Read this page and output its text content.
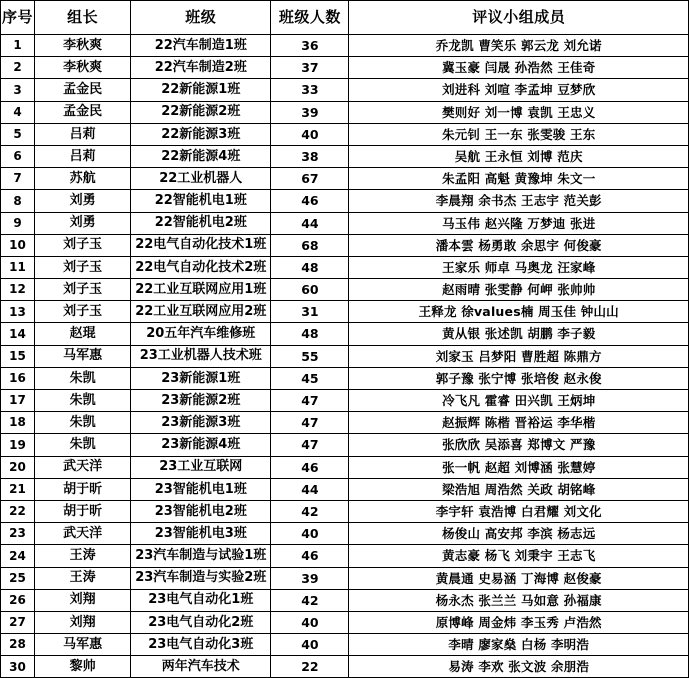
序号	组长	班级	班级人数	评议小组成员
1	李秋爽	22汽车制造1班	36	乔龙凯 曹笑乐 郭云龙 刘允诺
2	李秋爽	22汽车制造2班	37	冀玉豪 闫晟 孙浩然 王佳奇
3	孟金民	22新能源1班	33	刘进科 刘喧 李孟坤 豆梦欣
4	孟金民	22新能源2班	39	樊则好 刘一博 袁凯 王忠义
5	吕莉	22新能源3班	40	朱元钊 王一东 张雯骏 王东
6	吕莉	22新能源4班	38	吴航 王永恒 刘博 范庆
7	苏航	22工业机器人	67	朱孟阳 高魁 黄豫坤 朱文一
8	刘勇	22智能机电1班	46	李晨翔 余书杰 王志宇 范关彭
9	刘勇	22智能机电2班	44	马玉伟 赵兴隆 万梦迪 张进
10	刘子玉	22电气自动化技术1班	68	潘本雲 杨勇敢 余思宇 何俊豪
11	刘子玉	22电气自动化技术2班	48	王家乐 师卓 马奥龙 汪家峰
12	刘子玉	22工业互联网应用1班	60	赵雨晴 张雯静 何岬 张帅帅
13	刘子玉	22工业互联网应用2班	31	王释龙 徐values楠 周玉佳 钟山山
14	赵琨	20五年汽车维修班	48	黄从银 张述凯 胡鹏 李子毅
15	马军惠	23工业机器人技术班	55	刘家玉 吕梦阳 曹胜超 陈鼎方
16	朱凯	23新能源1班	45	郭子豫 张宁博 张培俊 赵永俊
17	朱凯	23新能源2班	47	冷飞凡 霍睿 田兴凯 王炳坤
18	朱凯	23新能源3班	47	赵振辉 陈楷 晋裕运 李华楷
19	朱凯	23新能源4班	47	张欣欣 吴添喜 郑博文 严豫
20	武天洋	23工业互联网	46	张一帆 赵超 刘博涵 张慧婷
21	胡于昕	23智能机电1班	44	梁浩旭 周浩然 关政 胡铭峰
22	胡于昕	23智能机电2班	42	李宇轩 袁浩博 白君耀 刘文化
23	武天洋	23智能机电3班	40	杨俊山 高安邦 李滨 杨志远
24	王涛	23汽车制造与试验1班	46	黄志豪 杨飞 刘秉宇 王志飞
25	王涛	23汽车制造与实验2班	39	黄晨通 史易涵 丁海博 赵俊豪
26	刘翔	23电气自动化1班	42	杨永杰 张兰兰 马如意 孙福康
27	刘翔	23电气自动化2班	40	原博峰 周金炜 李玉秀 卢浩然
28	马军惠	23电气自动化3班	40	李晴 廖家燊 白杨 李明浩
30	黎帅	两年汽车技术	22	易涛 李欢 张文波 余朋浩
